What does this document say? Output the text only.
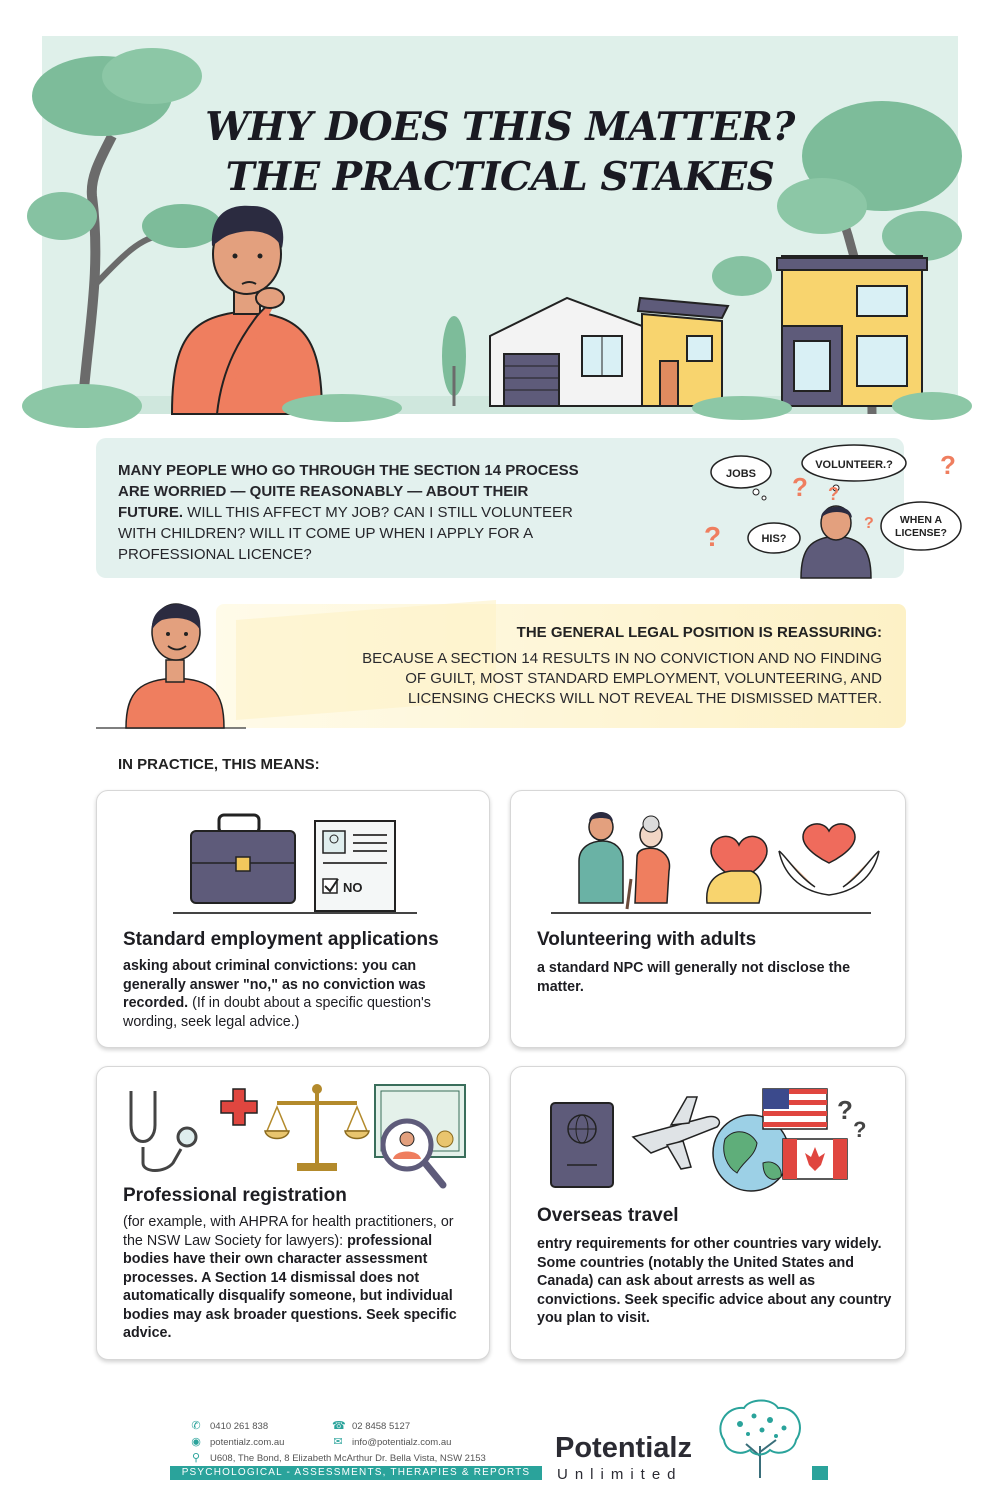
WHY DOES THIS MATTER?
THE PRACTICAL STAKES
MANY PEOPLE WHO GO THROUGH THE SECTION 14 PROCESS ARE WORRIED — QUITE REASONABLY — ABOUT THEIR FUTURE. WILL THIS AFFECT MY JOB? CAN I STILL VOLUNTEER WITH CHILDREN? WILL IT COME UP WHEN I APPLY FOR A PROFESSIONAL LICENCE?
JOBS
VOLUNTEER.?
HIS?
WHEN A
LICENSE?
?
? ?
?	?
THE GENERAL LEGAL POSITION IS REASSURING:
BECAUSE A SECTION 14 RESULTS IN NO CONVICTION AND NO FINDING
OF GUILT, MOST STANDARD EMPLOYMENT, VOLUNTEERING, AND
LICENSING CHECKS WILL NOT REVEAL THE DISMISSED MATTER.
IN PRACTICE, THIS MEANS:
NO
Standard employment applications
asking about criminal convictions: you can generally answer "no," as no conviction was recorded. (If in doubt about a specific question's wording, seek legal advice.)
Volunteering with adults
a standard NPC will generally not disclose the matter.
Professional registration
(for example, with AHPRA for health practitioners, or the NSW Law Society for lawyers): professional bodies have their own character assessment processes. A Section 14 dismissal does not automatically disqualify someone, but individual bodies may ask broader questions. Seek specific advice.
?
?
Overseas travel
entry requirements for other countries vary widely. Some countries (notably the United States and Canada) can ask about arrests as well as convictions. Seek specific advice about any country you plan to visit.
✆ 0410 261 838	☎ 02 8458 5127
◉ potentialz.com.au	✉ info@potentialz.com.au
⚲ U608, The Bond, 8 Elizabeth McArthur Dr. Bella Vista, NSW 2153
PSYCHOLOGICAL - ASSESSMENTS, THERAPIES & REPORTS
Potentialz
Unlimited
